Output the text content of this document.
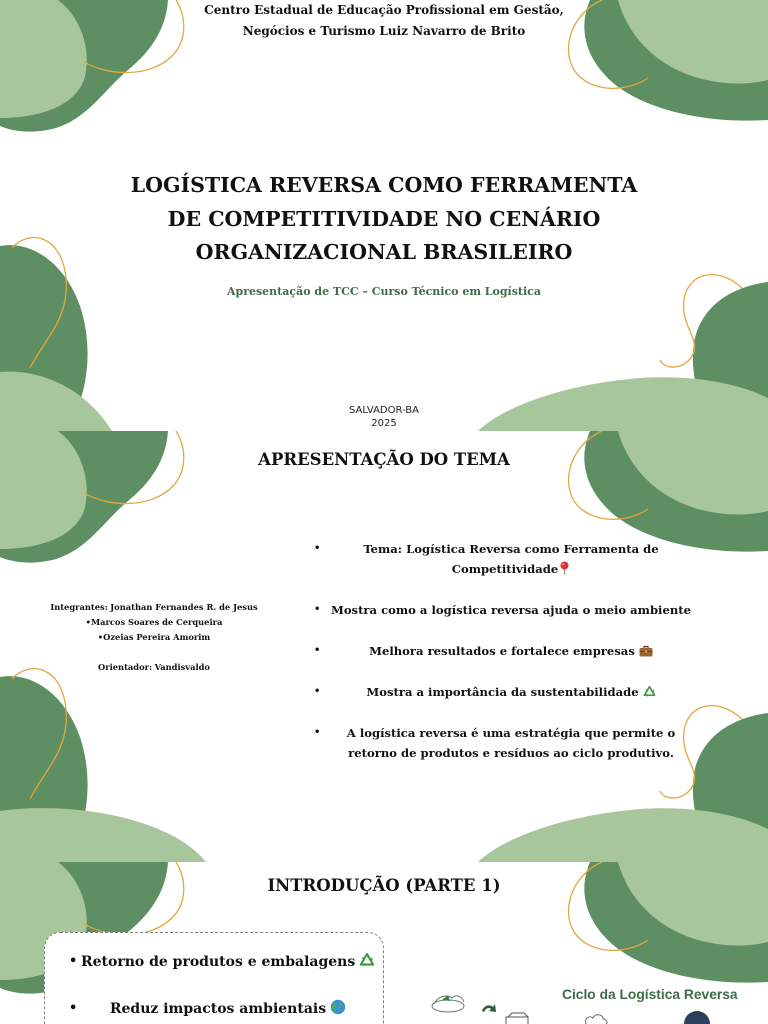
Centro Estadual de Educação Profissional em Gestão,
Negócios e Turismo Luiz Navarro de Brito
LOGÍSTICA REVERSA COMO FERRAMENTA
DE COMPETITIVIDADE NO CENÁRIO
ORGANIZACIONAL BRASILEIRO
Apresentação de TCC – Curso Técnico em Logística
SALVADOR-BA
2025
APRESENTAÇÃO DO TEMA
Integrantes: Jonathan Fernandes R. de Jesus
• Marcos Soares de Cerqueira
• Ozeias Pereira Amorim
Orientador: Vandisvaldo
• Tema: Logística Reversa como Ferramenta de Competitividade
• Mostra como a logística reversa ajuda o meio ambiente
• Melhora resultados e fortalece empresas
• Mostra a importância da sustentabilidade
• A logística reversa é uma estratégia que permite o retorno de produtos e resíduos ao ciclo produtivo.
INTRODUÇÃO (PARTE 1)
• Retorno de produtos e embalagens
• Reduz impactos ambientais
Ciclo da Logística Reversa
